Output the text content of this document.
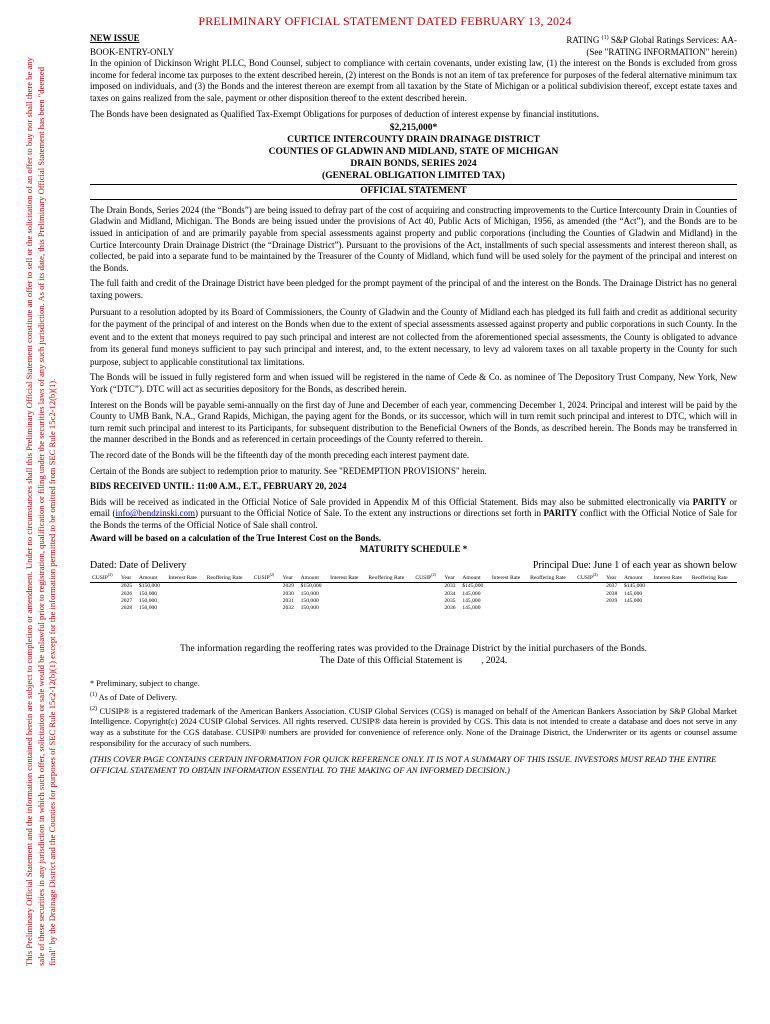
PRELIMINARY OFFICIAL STATEMENT DATED FEBRUARY 13, 2024
This Preliminary Official Statement and the information contained herein are subject to completion or amendment. Under no circumstances shall this Preliminary Official Statement constitute an offer to sell or the solicitation of an offer to buy nor shall there be any sale of these securities in any jurisdiction in which such offer, solicitation or sale would be unlawful prior to registration, qualification or filing under the securities laws of any such jurisdiction. As of its date, this Preliminary Official Statement has been "deemed final" by the Drainage District and the Counties for purposes of SEC Rule 15c2-12(b)(1) except for the information permitted to be omitted from SEC Rule 15c2-12(b)(1).
NEW ISSUE	RATING $^{(1)}$ S&P Global Ratings Services: AA-
BOOK-ENTRY-ONLY	(See "RATING INFORMATION" herein)

In the opinion of Dickinson Wright PLLC, Bond Counsel, subject to compliance with certain covenants, under existing law, (1) the interest on the Bonds is excluded from gross income for federal income tax purposes to the extent described herein, (2) interest on the Bonds is not an item of tax preference for purposes of the federal alternative minimum tax imposed on individuals, and (3) the Bonds and the interest thereon are exempt from all taxation by the State of Michigan or a political subdivision thereof, except estate taxes and taxes on gains realized from the sale, payment or other disposition thereof to the extent described herein.

The Bonds have been designated as Qualified Tax-Exempt Obligations for purposes of deduction of interest expense by financial institutions.

$2,215,000*
CURTICE INTERCOUNTY DRAIN DRAINAGE DISTRICT
COUNTIES OF GLADWIN AND MIDLAND, STATE OF MICHIGAN
DRAIN BONDS, SERIES 2024
(GENERAL OBLIGATION LIMITED TAX)
OFFICIAL STATEMENT

The Drain Bonds, Series 2024 (the “Bonds”) are being issued to defray part of the cost of acquiring and constructing improvements to the Curtice Intercounty Drain in Counties of Gladwin and Midland, Michigan. The Bonds are being issued under the provisions of Act 40, Public Acts of Michigan, 1956, as amended (the “Act”), and the Bonds are to be issued in anticipation of and are primarily payable from special assessments against property and public corporations (including the Counties of Gladwin and Midland) in the Curtice Intercounty Drain Drainage District (the “Drainage District”). Pursuant to the provisions of the Act, installments of such special assessments and interest thereon shall, as collected, be paid into a separate fund to be maintained by the Treasurer of the County of Midland, which fund will be used solely for the payment of the principal and interest on the Bonds.

The full faith and credit of the Drainage District have been pledged for the prompt payment of the principal of and the interest on the Bonds. The Drainage District has no general taxing powers.

Pursuant to a resolution adopted by its Board of Commissioners, the County of Gladwin and the County of Midland each has pledged its full faith and credit as additional security for the payment of the principal of and interest on the Bonds when due to the extent of special assessments assessed against property and public corporations in such County. In the event and to the extent that moneys required to pay such principal and interest are not collected from the aforementioned special assessments, the County is obligated to advance from its general fund moneys sufficient to pay such principal and interest, and, to the extent necessary, to levy ad valorem taxes on all taxable property in the County for such purpose, subject to applicable constitutional tax limitations.

The Bonds will be issued in fully registered form and when issued will be registered in the name of Cede & Co. as nominee of The Depository Trust Company, New York, New York (“DTC”). DTC will act as securities depository for the Bonds, as described herein.

Interest on the Bonds will be payable semi-annually on the first day of June and December of each year, commencing December 1, 2024. Principal and interest will be paid by the County to UMB Bank, N.A., Grand Rapids, Michigan, the paying agent for the Bonds, or its successor, which will in turn remit such principal and interest to DTC, which will in turn remit such principal and interest to its Participants, for subsequent distribution to the Beneficial Owners of the Bonds, as described herein. The Bonds may be transferred in the manner described in the Bonds and as referenced in certain proceedings of the County referred to therein.

The record date of the Bonds will be the fifteenth day of the month preceding each interest payment date.

Certain of the Bonds are subject to redemption prior to maturity. See "REDEMPTION PROVISIONS" herein.

BIDS RECEIVED UNTIL: 11:00 A.M., E.T., FEBRUARY 20, 2024

Bids will be received as indicated in the Official Notice of Sale provided in Appendix M of this Official Statement. Bids may also be submitted electronically via PARITY or email (info@bendzinski.com) pursuant to the Official Notice of Sale. To the extent any instructions or directions set forth in PARITY conflict with the Official Notice of Sale for the Bonds the terms of the Official Notice of Sale shall control.

Award will be based on a calculation of the True Interest Cost on the Bonds.
MATURITY SCHEDULE *
Dated: Date of Delivery	Principal Due: June 1 of each year as shown below
CUSIP$^{(2)}$	Year	Amount	Interest Rate	Reoffering Rate	CUSIP$^{(2)}$	Year	Amount	Interest Rate	Reoffering Rate	CUSIP$^{(2)}$	Year	Amount	Interest Rate	Reoffering Rate	CUSIP$^{(2)}$	Year	Amount	Interest Rate	Reoffering Rate
	2025	$150,000				2029	$150,000				2033	$145,000				2037	$145,000		
	2026	150,000				2030	150,000				2034	145,000				2038	145,000		
	2027	150,000				2031	150,000				2035	145,000				2039	145,000		
	2028	150,000				2032	150,000				2036	145,000							
The information regarding the reoffering rates was provided to the Drainage District by the initial purchasers of the Bonds.
The Date of this Official Statement is        , 2024.
* Preliminary, subject to change.
$^{(1)}$ As of Date of Delivery.
$^{(2)}$ CUSIP® is a registered trademark of the American Bankers Association. CUSIP Global Services (CGS) is managed on behalf of the American Bankers Association by S&P Global Market Intelligence. Copyright(c) 2024 CUSIP Global Services. All rights reserved. CUSIP® data herein is provided by CGS. This data is not intended to create a database and does not serve in any way as a substitute for the CGS database. CUSIP® numbers are provided for convenience of reference only. None of the Drainage District, the Underwriter or its agents or counsel assume responsibility for the accuracy of such numbers.
(THIS COVER PAGE CONTAINS CERTAIN INFORMATION FOR QUICK REFERENCE ONLY. IT IS NOT A SUMMARY OF THIS ISSUE. INVESTORS MUST READ THE ENTIRE OFFICIAL STATEMENT TO OBTAIN INFORMATION ESSENTIAL TO THE MAKING OF AN INFORMED DECISION.)
